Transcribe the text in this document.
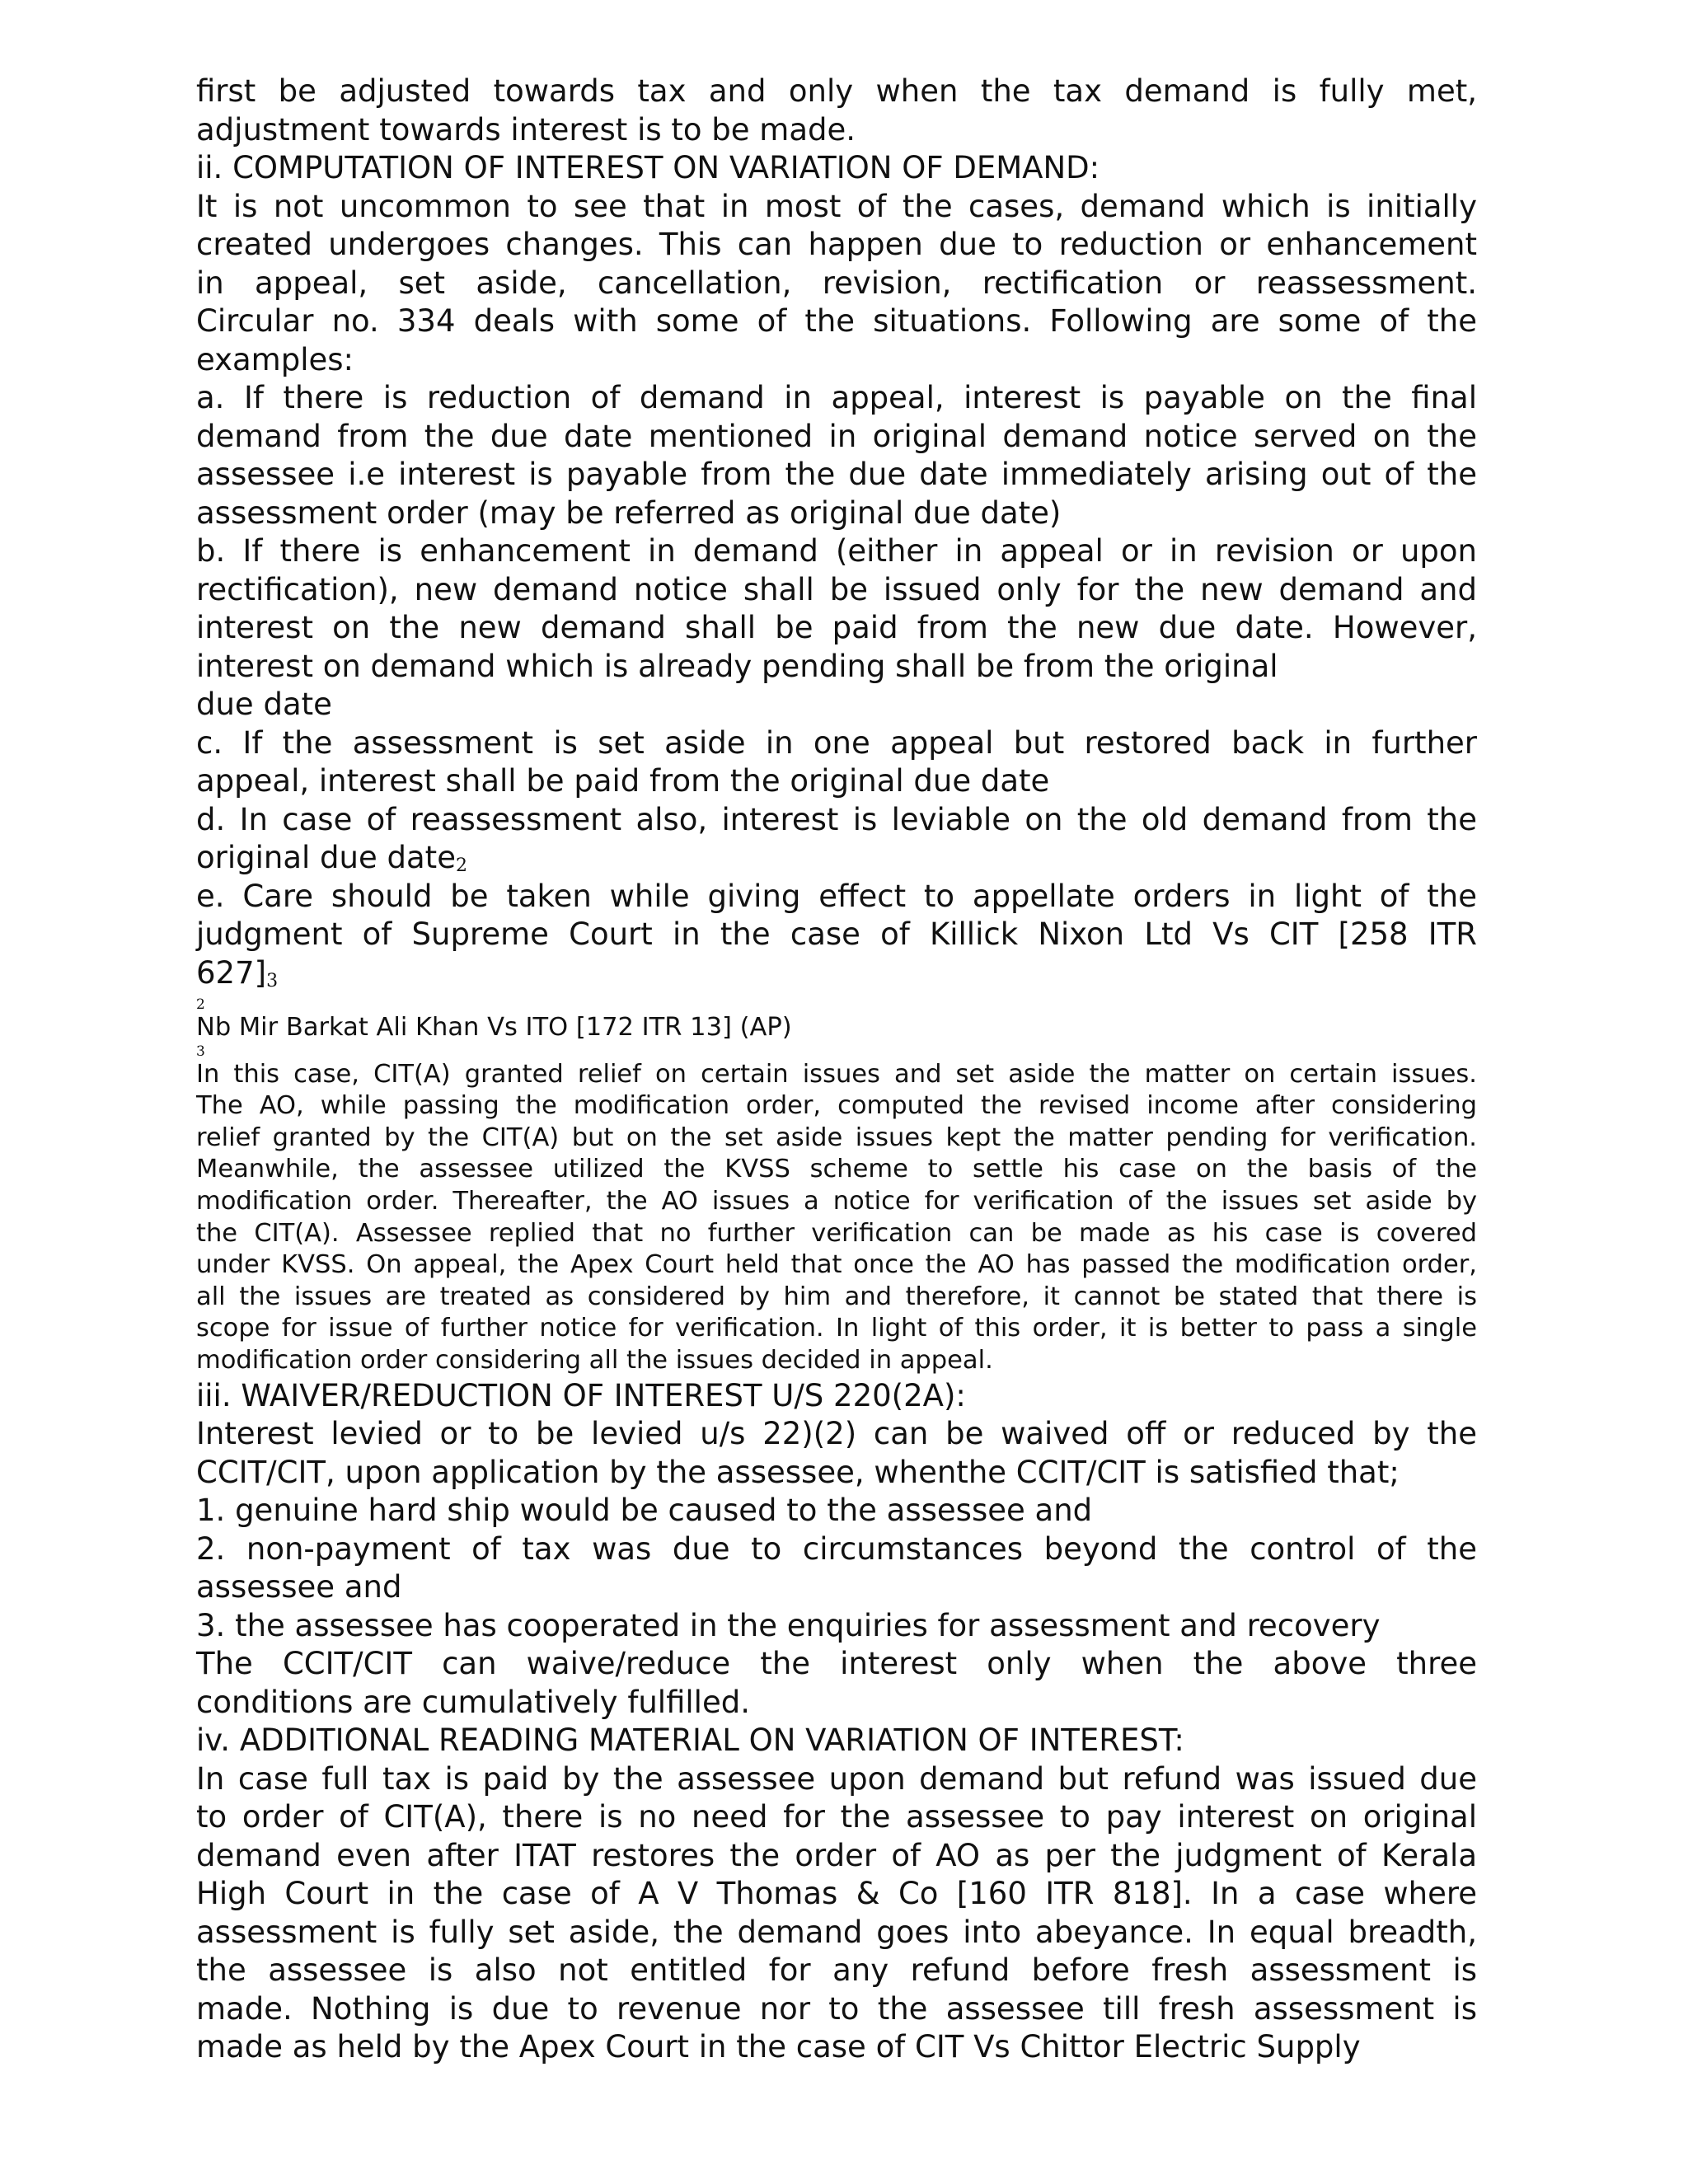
first be adjusted towards tax and only when the tax demand is fully met,
adjustment towards interest is to be made.
ii. COMPUTATION OF INTEREST ON VARIATION OF DEMAND:
It is not uncommon to see that in most of the cases, demand which is initially
created undergoes changes. This can happen due to reduction or enhancement
in appeal, set aside, cancellation, revision, rectification or reassessment.
Circular no. 334 deals with some of the situations. Following are some of the
examples:
a. If there is reduction of demand in appeal, interest is payable on the final
demand from the due date mentioned in original demand notice served on the
assessee i.e interest is payable from the due date immediately arising out of the
assessment order (may be referred as original due date)
b. If there is enhancement in demand (either in appeal or in revision or upon
rectification), new demand notice shall be issued only for the new demand and
interest on the new demand shall be paid from the new due date. However,
interest on demand which is already pending shall be from the original
due date
c. If the assessment is set aside in one appeal but restored back in further
appeal, interest shall be paid from the original due date
d. In case of reassessment also, interest is leviable on the old demand from the
original due date$^2$
e. Care should be taken while giving effect to appellate orders in light of the
judgment of Supreme Court in the case of Killick Nixon Ltd Vs CIT [258 ITR
627]$^3$
2
Nb Mir Barkat Ali Khan Vs ITO [172 ITR 13] (AP)
3
In this case, CIT(A) granted relief on certain issues and set aside the matter on certain issues.
The AO, while passing the modification order, computed the revised income after considering
relief granted by the CIT(A) but on the set aside issues kept the matter pending for verification.
Meanwhile, the assessee utilized the KVSS scheme to settle his case on the basis of the
modification order. Thereafter, the AO issues a notice for verification of the issues set aside by
the CIT(A). Assessee replied that no further verification can be made as his case is covered
under KVSS. On appeal, the Apex Court held that once the AO has passed the modification order,
all the issues are treated as considered by him and therefore, it cannot be stated that there is
scope for issue of further notice for verification. In light of this order, it is better to pass a single
modification order considering all the issues decided in appeal.
iii. WAIVER/REDUCTION OF INTEREST U/S 220(2A):
Interest levied or to be levied u/s 22)(2) can be waived off or reduced by the
CCIT/CIT, upon application by the assessee, whenthe CCIT/CIT is satisfied that;
1. genuine hard ship would be caused to the assessee and
2. non-payment of tax was due to circumstances beyond the control of the
assessee and
3. the assessee has cooperated in the enquiries for assessment and recovery
The CCIT/CIT can waive/reduce the interest only when the above three
conditions are cumulatively fulfilled.
iv. ADDITIONAL READING MATERIAL ON VARIATION OF INTEREST:
In case full tax is paid by the assessee upon demand but refund was issued due
to order of CIT(A), there is no need for the assessee to pay interest on original
demand even after ITAT restores the order of AO as per the judgment of Kerala
High Court in the case of A V Thomas & Co [160 ITR 818]. In a case where
assessment is fully set aside, the demand goes into abeyance. In equal breadth,
the assessee is also not entitled for any refund before fresh assessment is
made. Nothing is due to revenue nor to the assessee till fresh assessment is
made as held by the Apex Court in the case of CIT Vs Chittor Electric Supply
